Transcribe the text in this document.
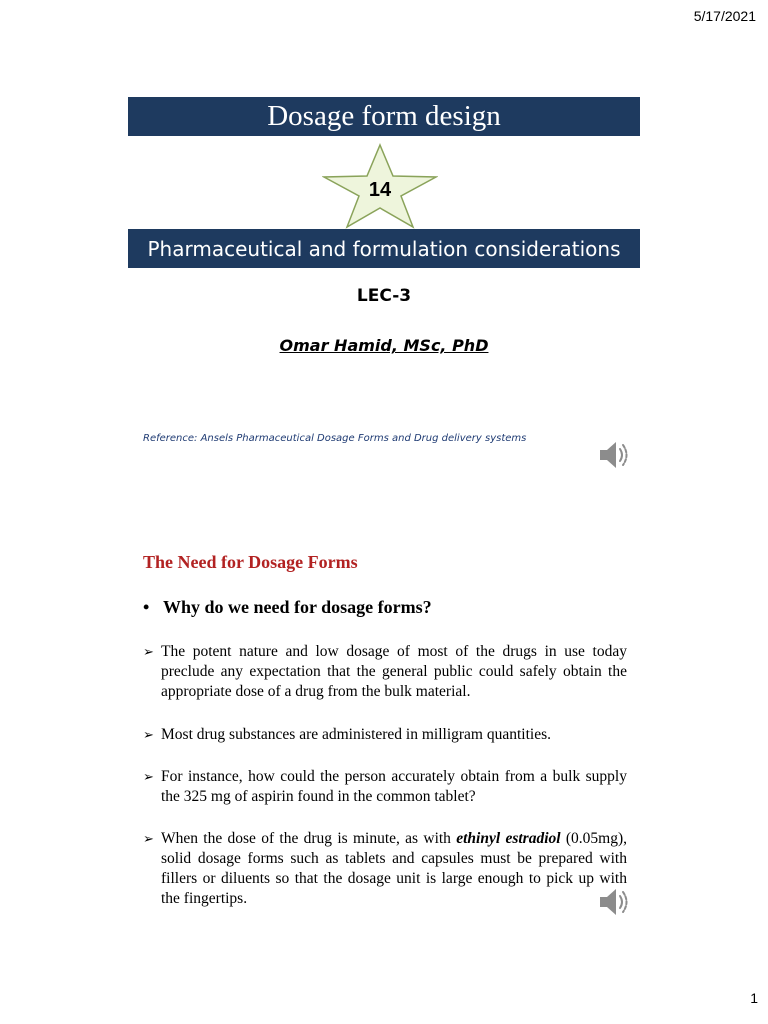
5/17/2021
Dosage form design
14
Pharmaceutical and formulation considerations
LEC-3
Omar Hamid, MSc, PhD
Reference: Ansels Pharmaceutical Dosage Forms and Drug delivery systems
The Need for Dosage Forms
• Why do we need for dosage forms?
➢ The potent nature and low dosage of most of the drugs in use today preclude any expectation that the general public could safely obtain the appropriate dose of a drug from the bulk material.
➢ Most drug substances are administered in milligram quantities.
➢ For instance, how could the person accurately obtain from a bulk supply the 325 mg of aspirin found in the common tablet?
➢ When the dose of the drug is minute, as with ethinyl estradiol (0.05mg), solid dosage forms such as tablets and capsules must be prepared with fillers or diluents so that the dosage unit is large enough to pick up with the fingertips.
1
